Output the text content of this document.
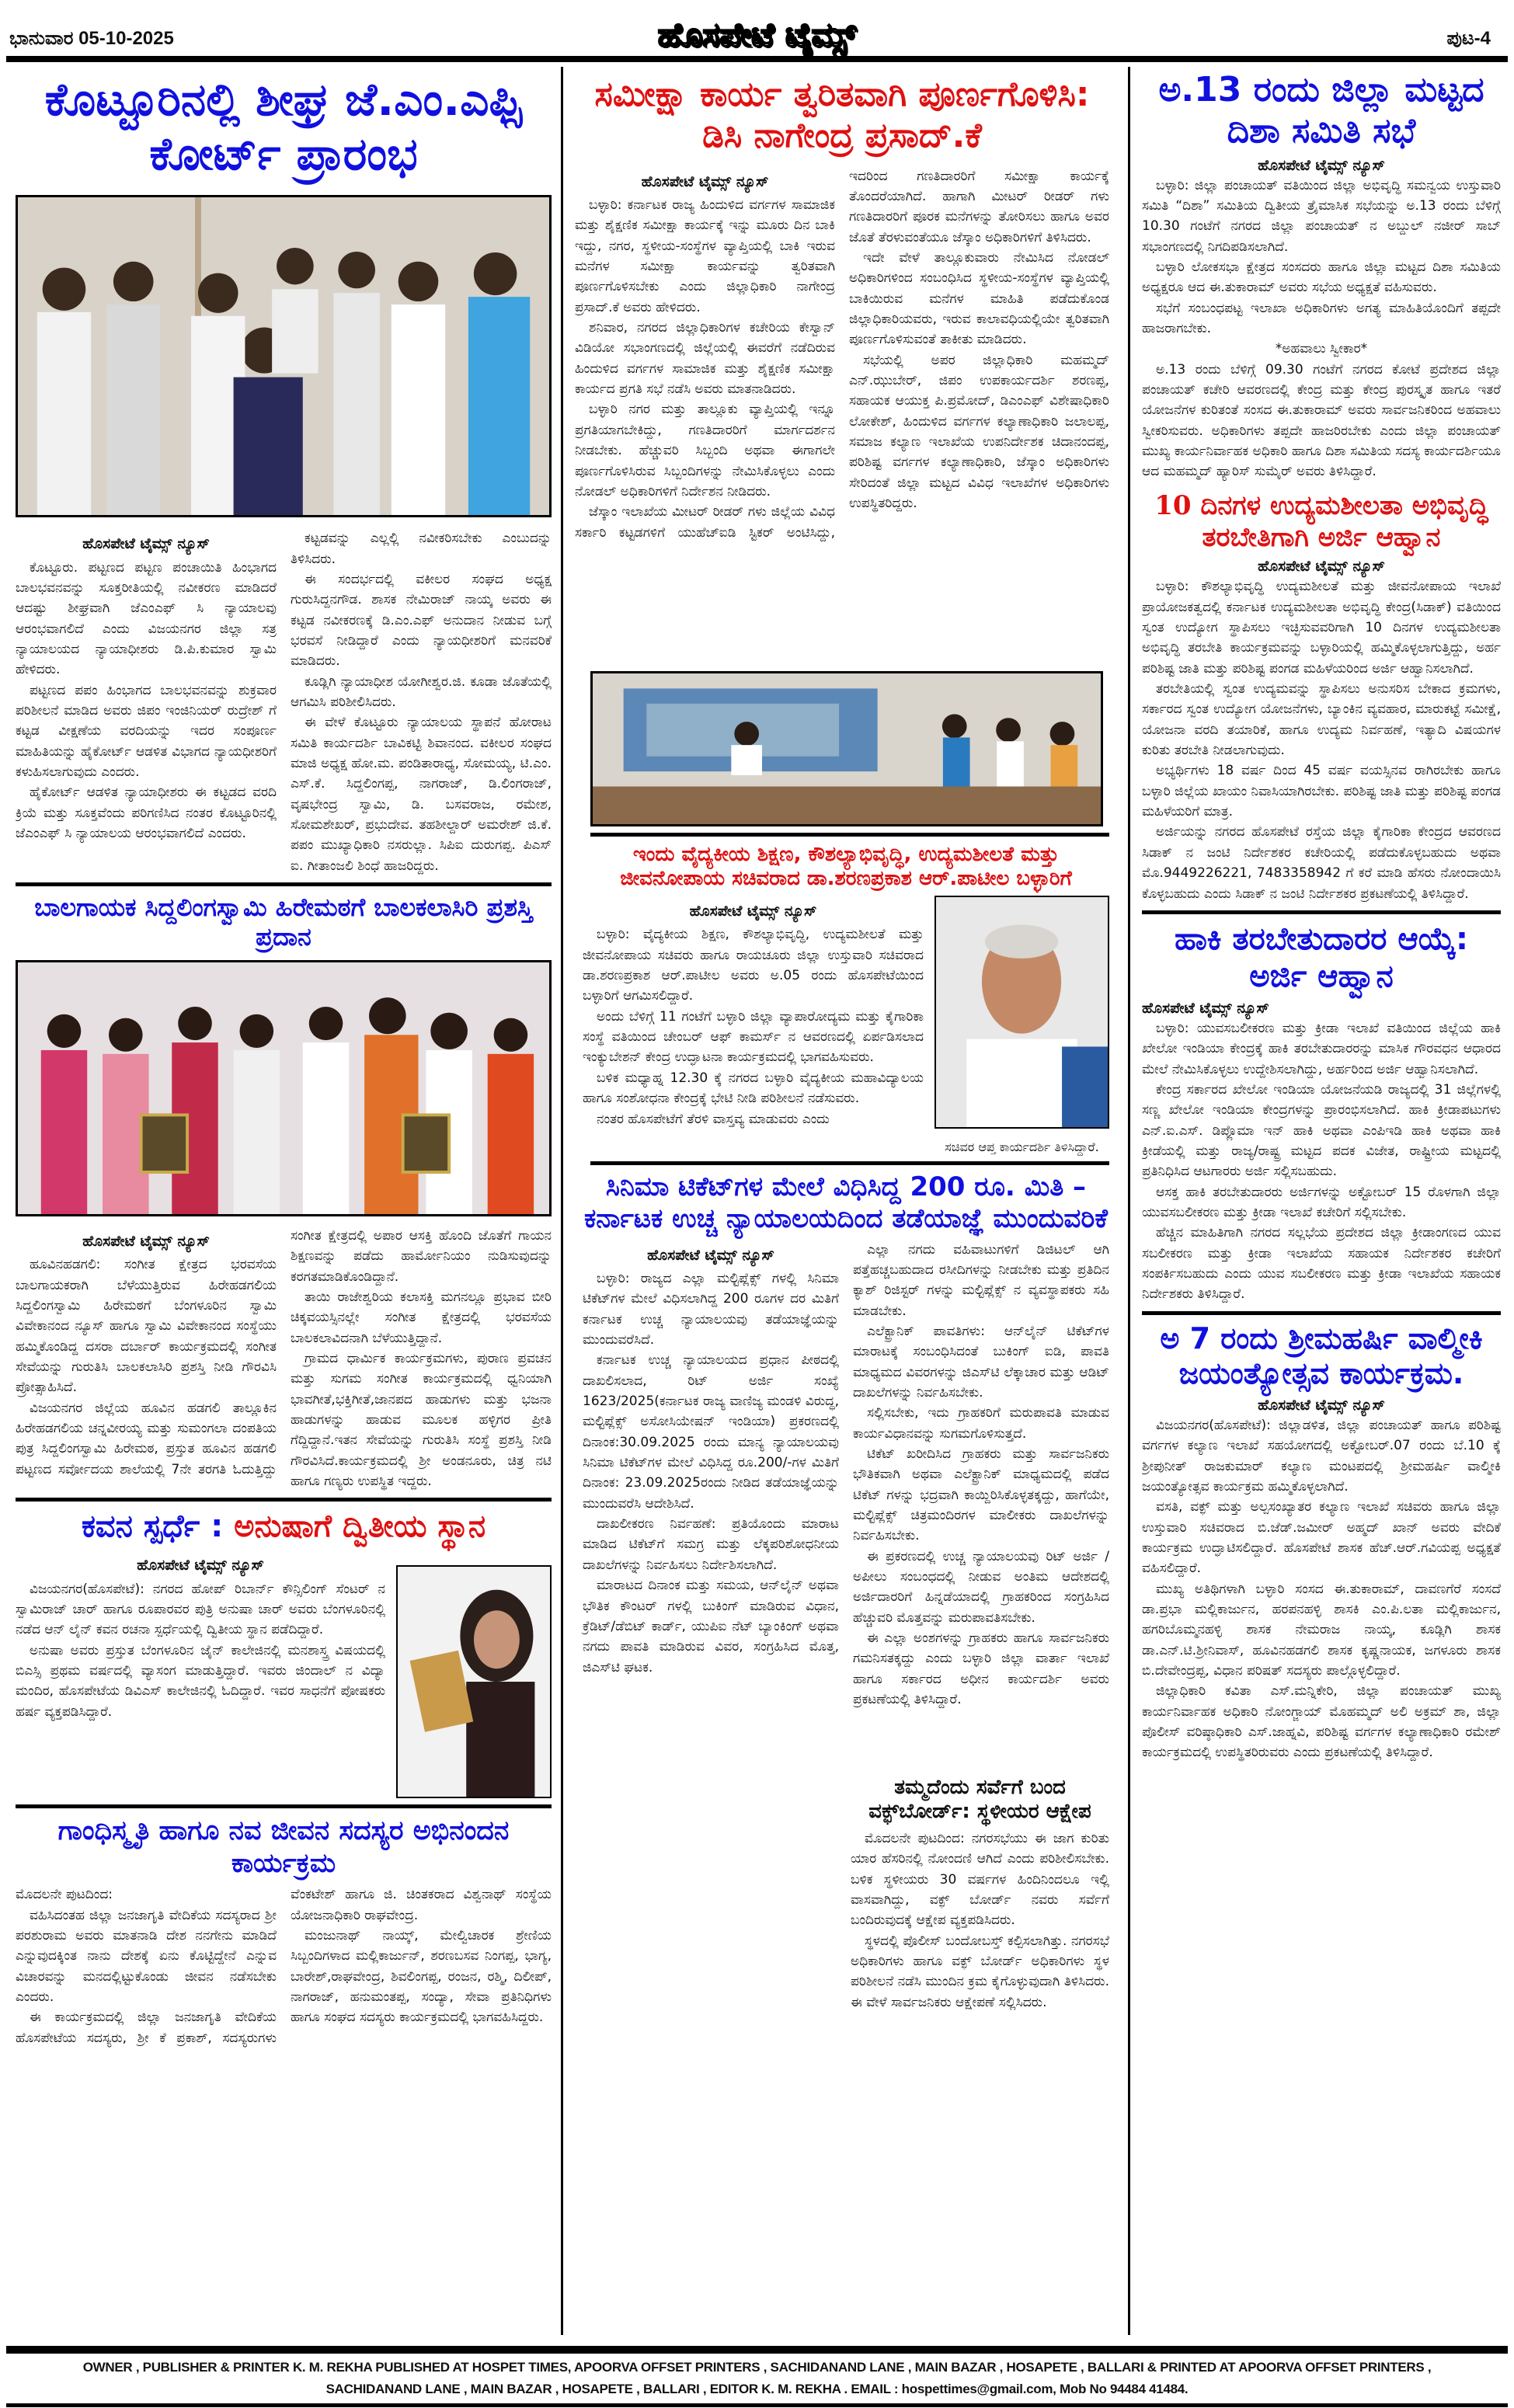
ಭಾನುವಾರ 05-10-2025	ಹೊಸಪೇಟೆ ಟೈಮ್ಸ್	ಪುಟ-4
ಕೊಟ್ಟೂರಿನಲ್ಲಿ ಶೀಘ್ರ ಜೆ.ಎಂ.ಎಫ್ಸಿ ಕೋರ್ಟ್ ಪ್ರಾರಂಭ
ಹೊಸಪೇಟೆ ಟೈಮ್ಸ್ ನ್ಯೂಸ್

ಕೊಟ್ಟೂರು. ಪಟ್ಟಣದ ಪಟ್ಟಣ ಪಂಚಾಯಿತಿ ಹಿಂಭಾಗದ ಬಾಲಭವನವನ್ನು ಸೂಕ್ತರೀತಿಯಲ್ಲಿ ನವೀಕರಣ ಮಾಡಿದರೆ ಆದಷ್ಟು ಶೀಘ್ರವಾಗಿ ಜೆಎಂಎಫ್ ಸಿ ನ್ಯಾಯಾಲವು ಆರಂಭವಾಗಲಿದೆ ಎಂದು ವಿಜಯನಗರ ಜಿಲ್ಲಾ ಸತ್ರ ನ್ಯಾಯಾಲಯದ ನ್ಯಾಯಾಧೀಶರು ಡಿ.ಪಿ.ಕುಮಾರ ಸ್ವಾಮಿ ಹೇಳಿದರು.

ಪಟ್ಟಣದ ಪಪಂ ಹಿಂಭಾಗದ ಬಾಲಭವನವನ್ನು ಶುಕ್ರವಾರ ಪರಿಶೀಲನೆ ಮಾಡಿದ ಅವರು ಜಿಪಂ ಇಂಜಿನಿಯರ್ ರುದ್ರೇಶ್ ಗೆ ಕಟ್ಟಡ ವೀಕ್ಷಣೆಯ ವರದಿಯನ್ನು ಇದರ ಸಂಪೂರ್ಣ ಮಾಹಿತಿಯನ್ನು ಹೈಕೋರ್ಟ್ ಆಡಳಿತ ವಿಭಾಗದ ನ್ಯಾಯಧೀಶರಿಗೆ ಕಳುಹಿಸಲಾಗುವುದು ಎಂದರು.

ಹೈಕೋರ್ಟ್ ಆಡಳಿತ ನ್ಯಾಯಾಧೀಶರು ಈ ಕಟ್ಟಡದ ವರದಿ ಕ್ರಿಯೆ ಮತ್ತು ಸೂಕ್ತವೆಂದು ಪರಿಗಣಿಸಿದ ನಂತರ ಕೊಟ್ಟೂರಿನಲ್ಲಿ ಜೆಎಂಎಫ್ ಸಿ ನ್ಯಾಯಾಲಯ ಆರಂಭವಾಗಲಿದೆ ಎಂದರು.

ಕಟ್ಟಡವನ್ನು ಎಲ್ಲಲ್ಲಿ ನವೀಕರಿಸಬೇಕು ಎಂಬುದನ್ನು ತಿಳಿಸಿದರು.

ಈ ಸಂದರ್ಭದಲ್ಲಿ ವಕೀಲರ ಸಂಘದ ಅಧ್ಯಕ್ಷ ಗುರುಸಿದ್ದನಗೌಡ. ಶಾಸಕ ನೇಮಿರಾಜ್ ನಾಯ್ಕ ಅವರು ಈ ಕಟ್ಟಡ ನವೀಕರಣಕ್ಕೆ ಡಿ.ಎಂ.ಎಫ್ ಅನುದಾನ ನೀಡುವ ಬಗ್ಗೆ ಭರವಸೆ ನೀಡಿದ್ದಾರೆ ಎಂದು ನ್ಯಾಯಧೀಶರಿಗೆ ಮನವರಿಕೆ ಮಾಡಿದರು.

ಕೂಡ್ಲಿಗಿ ನ್ಯಾಯಾಧೀಶ ಯೋಗೀಶ್ವರ.ಜಿ. ಕೂಡಾ ಜೊತೆಯಲ್ಲಿ ಆಗಮಿಸಿ ಪರಿಶೀಲಿಸಿದರು.

ಈ ವೇಳೆ ಕೊಟ್ಟೂರು ನ್ಯಾಯಾಲಯ ಸ್ಥಾಪನೆ ಹೋರಾಟ ಸಮಿತಿ ಕಾರ್ಯದರ್ಶಿ ಬಾವಿಕಟ್ಟಿ ಶಿವಾನಂದ. ವಕೀಲರ ಸಂಘದ ಮಾಜಿ ಅಧ್ಯಕ್ಷ ಹೋ.ಮ. ಪಂಡಿತಾರಾಧ್ಯ, ಸೋಮಯ್ಯ, ಟಿ.ಎಂ. ಎಸ್.ಕೆ. ಸಿದ್ದಲಿಂಗಪ್ಪ, ನಾಗರಾಜ್, ಡಿ.ಲಿಂಗರಾಜ್, ವೃಷಭೇಂದ್ರ ಸ್ವಾಮಿ, ಡಿ. ಬಸವರಾಜ, ರಮೇಶ, ಸೋಮಶೇಖರ್, ಪ್ರಭುದೇವ. ತಹಶೀಲ್ದಾರ್ ಅಮರೇಶ್ ಜಿ.ಕೆ. ಪಪಂ ಮುಖ್ಯಾಧಿಕಾರಿ ನಸರುಲ್ಲಾ. ಸಿಪಿಐ ದುರುಗಪ್ಪ. ಪಿಎಸ್ ಐ. ಗೀತಾಂಜಲಿ ಶಿಂಧೆ ಹಾಜರಿದ್ದರು.

ಬಾಲಗಾಯಕ ಸಿದ್ದಲಿಂಗಸ್ವಾಮಿ ಹಿರೇಮಠಗೆ ಬಾಲಕಲಾಸಿರಿ ಪ್ರಶಸ್ತಿ ಪ್ರದಾನ
ಹೊಸಪೇಟೆ ಟೈಮ್ಸ್ ನ್ಯೂಸ್

ಹೂವಿನಹಡಗಲಿ: ಸಂಗೀತ ಕ್ಷೇತ್ರದ ಭರವಸೆಯ ಬಾಲಗಾಯಕರಾಗಿ ಬೆಳೆಯುತ್ತಿರುವ ಹಿರೇಹಡಗಲಿಯ ಸಿದ್ದಲಿಂಗಸ್ವಾಮಿ ಹಿರೇಮಠಗೆ ಬೆಂಗಳೂರಿನ ಸ್ವಾಮಿ ವಿವೇಕಾನಂದ ನ್ಯೂಸ್ ಹಾಗೂ ಸ್ವಾಮಿ ವಿವೇಕಾನಂದ ಸಂಸ್ಥೆಯು ಹಮ್ಮಿಕೊಂಡಿದ್ದ ದಸರಾ ದರ್ಬಾರ್ ಕಾರ್ಯಕ್ರಮದಲ್ಲಿ ಸಂಗೀತ ಸೇವೆಯನ್ನು ಗುರುತಿಸಿ ಬಾಲಕಲಾಸಿರಿ ಪ್ರಶಸ್ತಿ ನೀಡಿ ಗೌರವಿಸಿ ಪ್ರೋತ್ಸಾಹಿಸಿದೆ.

ವಿಜಯನಗರ ಜಿಲ್ಲೆಯ ಹೂವಿನ ಹಡಗಲಿ ತಾಲ್ಲೂಕಿನ ಹಿರೇಹಡಗಲಿಯ ಚನ್ನವೀರಯ್ಯ ಮತ್ತು ಸುಮಂಗಲಾ ದಂಪತಿಯ ಪುತ್ರ ಸಿದ್ದಲಿಂಗಸ್ವಾಮಿ ಹಿರೇಮಠ, ಪ್ರಸ್ತುತ ಹೂವಿನ ಹಡಗಲಿ ಪಟ್ಟಣದ ಸರ್ವೋದಯ ಶಾಲೆಯಲ್ಲಿ 7ನೇ ತರಗತಿ ಓದುತ್ತಿದ್ದು ಸಂಗೀತ ಕ್ಷೇತ್ರದಲ್ಲಿ ಅಪಾರ ಆಸಕ್ತಿ ಹೊಂದಿ ಜೊತೆಗೆ ಗಾಯನ ಶಿಕ್ಷಣವನ್ನು ಪಡೆದು ಹಾರ್ಮೋನಿಯಂ ನುಡಿಸುವುದನ್ನು ಕರಗತಮಾಡಿಕೊಂಡಿದ್ದಾನೆ.

ತಾಯಿ ರಾಜೇಶ್ವರಿಯ ಕಲಾಸಕ್ತಿ ಮಗನಲ್ಲೂ ಪ್ರಭಾವ ಬೀರಿ ಚಿಕ್ಕವಯಸ್ಸಿನಲ್ಲೇ ಸಂಗೀತ ಕ್ಷೇತ್ರದಲ್ಲಿ ಭರವಸೆಯ ಬಾಲಕಲಾವಿದನಾಗಿ ಬೆಳೆಯುತ್ತಿದ್ದಾನೆ.

ಗ್ರಾಮದ ಧಾರ್ಮಿಕ ಕಾರ್ಯಕ್ರಮಗಳು, ಪುರಾಣ ಪ್ರವಚನ ಮತ್ತು ಸುಗಮ ಸಂಗೀತ ಕಾರ್ಯಕ್ರಮದಲ್ಲಿ ಧ್ವನಿಯಾಗಿ ಭಾವಗೀತೆ,ಭಕ್ತಿಗೀತೆ,ಜಾನಪದ ಹಾಡುಗಳು ಮತ್ತು ಭಜನಾ ಹಾಡುಗಳನ್ನು ಹಾಡುವ ಮೂಲಕ ಹಳ್ಳಿಗರ ಪ್ರೀತಿ ಗೆದ್ದಿದ್ದಾನೆ.ಇತನ ಸೇವೆಯನ್ನು ಗುರುತಿಸಿ ಸಂಸ್ಥೆ ಪ್ರಶಸ್ತಿ ನೀಡಿ ಗೌರವಿಸಿದೆ.ಕಾರ್ಯಕ್ರಮದಲ್ಲಿ ಶ್ರೀ ಅಂಡನೂರು, ಚಿತ್ರ ನಟಿ ಹಾಗೂ ಗಣ್ಯರು ಉಪಸ್ಥಿತ ಇದ್ದರು.

ಕವನ ಸ್ಪರ್ಧೆ : ಅನುಷಾಗೆ ದ್ವಿತೀಯ ಸ್ಥಾನ
ಹೊಸಪೇಟೆ ಟೈಮ್ಸ್ ನ್ಯೂಸ್

ವಿಜಯನಗರ(ಹೊಸಪೇಟೆ): ನಗರದ ಹೋಪ್ ರಿಬಾರ್ನ್ ಕೌನ್ಸಿಲಿಂಗ್ ಸೆಂಟರ್ ನ ಸ್ವಾಮಿರಾಜ್ ಚಾರ್ ಹಾಗೂ ರೂಪಾರವರ ಪುತ್ರಿ ಅನುಷಾ ಚಾರ್ ಅವರು ಬೆಂಗಳೂರಿನಲ್ಲಿ ನಡೆದ ಆನ್ ಲೈನ್ ಕವನ ರಚನಾ ಸ್ಪರ್ಧೆಯಲ್ಲಿ ದ್ವಿತೀಯ ಸ್ಥಾನ ಪಡೆದಿದ್ದಾರೆ.

ಅನುಷಾ ಅವರು ಪ್ರಸ್ತುತ ಬೆಂಗಳೂರಿನ ಜೈನ್ ಕಾಲೇಜಿನಲ್ಲಿ ಮನಶಾಸ್ತ್ರ ವಿಷಯದಲ್ಲಿ ಬಿಎಸ್ಸಿ ಪ್ರಥಮ ವರ್ಷದಲ್ಲಿ ವ್ಯಾಸಂಗ ಮಾಡುತ್ತಿದ್ದಾರೆ. ಇವರು ಜಿಂದಾಲ್ ನ ವಿದ್ಯಾ ಮಂದಿರ, ಹೊಸಪೇಟೆಯ ಡಿವಿಎಸ್ ಕಾಲೇಜಿನಲ್ಲಿ ಓದಿದ್ದಾರೆ. ಇವರ ಸಾಧನೆಗೆ ಪೋಷಕರು ಹರ್ಷ ವ್ಯಕ್ತಪಡಿಸಿದ್ದಾರೆ.

ಗಾಂಧಿಸ್ಮೃತಿ ಹಾಗೂ ನವ ಜೀವನ ಸದಸ್ಯರ ಅಭಿನಂದನ ಕಾರ್ಯಕ್ರಮ
ಮೊದಲನೇ ಪುಟದಿಂದ:

ವಹಿಸಿದಂತಹ ಜಿಲ್ಲಾ ಜನಜಾಗೃತಿ ವೇದಿಕೆಯ ಸದಸ್ಯರಾದ ಶ್ರೀ ಪರಶುರಾಮ ಅವರು ಮಾತನಾಡಿ ದೇಶ ನನಗೇನು ಮಾಡಿದೆ ಎನ್ನುವುದಕ್ಕಿಂತ ನಾನು ದೇಶಕ್ಕೆ ಏನು ಕೊಟ್ಟಿದ್ದೇನೆ ಎನ್ನುವ ವಿಚಾರವನ್ನು ಮನದಲ್ಲಿಟ್ಟುಕೊಂಡು ಜೀವನ ನಡೆಸಬೇಕು ಎಂದರು.

ಈ ಕಾರ್ಯಕ್ರಮದಲ್ಲಿ ಜಿಲ್ಲಾ ಜನಜಾಗೃತಿ ವೇದಿಕೆಯ ಹೊಸಪೇಟೆಯ ಸದಸ್ಯರು, ಶ್ರೀ ಕೆ ಪ್ರಕಾಶ್, ಸದಸ್ಯರುಗಳು ವೆಂಕಟೇಶ್ ಹಾಗೂ ಜಿ. ಚಿಂತಕರಾದ ವಿಶ್ವನಾಥ್ ಸಂಸ್ಥೆಯ ಯೋಜನಾಧಿಕಾರಿ ರಾಘವೇಂದ್ರ.

ಮಂಜುನಾಥ್ ನಾಯ್ಕ್, ಮೇಲ್ವಿಚಾರಕ ಶ್ರೇಣಿಯ ಸಿಬ್ಬಂದಿಗಳಾದ ಮಲ್ಲಿಕಾರ್ಜುನ್, ಶರಣಬಸವ ನಿಂಗಪ್ಪ, ಭಾಗ್ಯ, ಬಾರೇಶ್,ರಾಘವೇಂದ್ರ, ಶಿವಲಿಂಗಪ್ಪ, ರಂಜನ, ರಶ್ಮಿ, ದಿಲೀಪ್, ನಾಗರಾಜ್, ಹನುಮಂತಪ್ಪ, ಸಂದ್ಯಾ, ಸೇವಾ ಪ್ರತಿನಿಧಿಗಳು ಹಾಗೂ ಸಂಘದ ಸದಸ್ಯರು ಕಾರ್ಯಕ್ರಮದಲ್ಲಿ ಭಾಗವಹಿಸಿದ್ದರು.

ಸಮೀಕ್ಷಾ ಕಾರ್ಯ ತ್ವರಿತವಾಗಿ ಪೂರ್ಣಗೊಳಿಸಿ: ಡಿಸಿ ನಾಗೇಂದ್ರ ಪ್ರಸಾದ್.ಕೆ
ಹೊಸಪೇಟೆ ಟೈಮ್ಸ್ ನ್ಯೂಸ್

ಬಳ್ಳಾರಿ: ಕರ್ನಾಟಕ ರಾಜ್ಯ ಹಿಂದುಳಿದ ವರ್ಗಗಳ ಸಾಮಾಜಿಕ ಮತ್ತು ಶೈಕ್ಷಣಿಕ ಸಮೀಕ್ಷಾ ಕಾರ್ಯಕ್ಕೆ ಇನ್ನು ಮೂರು ದಿನ ಬಾಕಿ ಇದ್ದು, ನಗರ, ಸ್ಥಳೀಯ-ಸಂಸ್ಥೆಗಳ ವ್ಯಾಪ್ತಿಯಲ್ಲಿ ಬಾಕಿ ಇರುವ ಮನೆಗಳ ಸಮೀಕ್ಷಾ ಕಾರ್ಯವನ್ನು ತ್ವರಿತವಾಗಿ ಪೂರ್ಣಗೊಳಿಸಬೇಕು ಎಂದು ಜಿಲ್ಲಾಧಿಕಾರಿ ನಾಗೇಂದ್ರ ಪ್ರಸಾದ್.ಕೆ ಅವರು ಹೇಳಿದರು.

ಶನಿವಾರ, ನಗರದ ಜಿಲ್ಲಾಧಿಕಾರಿಗಳ ಕಚೇರಿಯ ಕೇಸ್ವಾನ್ ವಿಡಿಯೋ ಸಭಾಂಗಣದಲ್ಲಿ ಜಿಲ್ಲೆಯಲ್ಲಿ ಈವರೆಗೆ ನಡೆದಿರುವ ಹಿಂದುಳಿದ ವರ್ಗಗಳ ಸಾಮಾಜಿಕ ಮತ್ತು ಶೈಕ್ಷಣಿಕ ಸಮೀಕ್ಷಾ ಕಾರ್ಯದ ಪ್ರಗತಿ ಸಭೆ ನಡೆಸಿ ಅವರು ಮಾತನಾಡಿದರು.

ಬಳ್ಳಾರಿ ನಗರ ಮತ್ತು ತಾಲ್ಲೂಕು ವ್ಯಾಪ್ತಿಯಲ್ಲಿ ಇನ್ನೂ ಪ್ರಗತಿಯಾಗಬೇಕಿದ್ದು, ಗಣತಿದಾರರಿಗೆ ಮಾರ್ಗದರ್ಶನ ನೀಡಬೇಕು. ಹೆಚ್ಚುವರಿ ಸಿಬ್ಬಂದಿ ಅಥವಾ ಈಗಾಗಲೇ ಪೂರ್ಣಗೊಳಿಸಿರುವ ಸಿಬ್ಬಂದಿಗಳನ್ನು ನೇಮಿಸಿಕೊಳ್ಳಲು ಎಂದು ನೋಡಲ್ ಅಧಿಕಾರಿಗಳಿಗೆ ನಿರ್ದೇಶನ ನೀಡಿದರು.

ಜೆಸ್ಕಾಂ ಇಲಾಖೆಯ ಮೀಟರ್ ರೀಡರ್ ಗಳು ಜಿಲ್ಲೆಯ ವಿವಿಧ ಸರ್ಕಾರಿ ಕಟ್ಟಡಗಳಿಗೆ ಯುಹೆಚ್ಐಡಿ ಸ್ಟಿಕರ್ ಅಂಟಿಸಿದ್ದು, ಇದರಿಂದ ಗಣತಿದಾರರಿಗೆ ಸಮೀಕ್ಷಾ ಕಾರ್ಯಕ್ಕೆ ತೊಂದರೆಯಾಗಿದೆ. ಹಾಗಾಗಿ ಮೀಟರ್ ರೀಡರ್ ಗಳು ಗಣತಿದಾರರಿಗೆ ಪೂರಕ ಮನೆಗಳನ್ನು ತೋರಿಸಲು ಹಾಗೂ ಅವರ ಜೊತೆ ತೆರಳುವಂತೆಯೂ ಜೆಸ್ಕಾಂ ಅಧಿಕಾರಿಗಳಿಗೆ ತಿಳಿಸಿದರು.

ಇದೇ ವೇಳೆ ತಾಲ್ಲೂಕುವಾರು ನೇಮಿಸಿದ ನೋಡಲ್ ಅಧಿಕಾರಿಗಳಿಂದ ಸಂಬಂಧಿಸಿದ ಸ್ಥಳೀಯ-ಸಂಸ್ಥೆಗಳ ವ್ಯಾಪ್ತಿಯಲ್ಲಿ ಬಾಕಿಯಿರುವ ಮನೆಗಳ ಮಾಹಿತಿ ಪಡೆದುಕೊಂಡ ಜಿಲ್ಲಾಧಿಕಾರಿಯವರು, ಇರುವ ಕಾಲಾವಧಿಯಲ್ಲಿಯೇ ತ್ವರಿತವಾಗಿ ಪೂರ್ಣಗೊಳಿಸುವಂತೆ ತಾಕೀತು ಮಾಡಿದರು.

ಸಭೆಯಲ್ಲಿ ಅಪರ ಜಿಲ್ಲಾಧಿಕಾರಿ ಮಹಮ್ಮದ್ ಎನ್.ಝುಬೇರ್, ಜಿಪಂ ಉಪಕಾರ್ಯದರ್ಶಿ ಶರಣಪ್ಪ, ಸಹಾಯಕ ಆಯುಕ್ತ ಪಿ.ಪ್ರಮೋದ್, ಡಿಎಂಎಫ್ ವಿಶೇಷಾಧಿಕಾರಿ ಲೋಕೇಶ್, ಹಿಂದುಳಿದ ವರ್ಗಗಳ ಕಲ್ಯಾಣಾಧಿಕಾರಿ ಜಲಾಲಪ್ಪ, ಸಮಾಜ ಕಲ್ಯಾಣ ಇಲಾಖೆಯ ಉಪನಿರ್ದೇಶಕ ಚಿದಾನಂದಪ್ಪ, ಪರಿಶಿಷ್ಟ ವರ್ಗಗಳ ಕಲ್ಯಾಣಾಧಿಕಾರಿ, ಜೆಸ್ಕಾಂ ಅಧಿಕಾರಿಗಳು ಸೇರಿದಂತೆ ಜಿಲ್ಲಾ ಮಟ್ಟದ ವಿವಿಧ ಇಲಾಖೆಗಳ ಅಧಿಕಾರಿಗಳು ಉಪಸ್ಥಿತರಿದ್ದರು.

ಇಂದು ವೈದ್ಯಕೀಯ ಶಿಕ್ಷಣ, ಕೌಶಲ್ಯಾಭಿವೃದ್ಧಿ, ಉದ್ಯಮಶೀಲತೆ ಮತ್ತು ಜೀವನೋಪಾಯ ಸಚಿವರಾದ ಡಾ.ಶರಣಪ್ರಕಾಶ ಆರ್.ಪಾಟೀಲ ಬಳ್ಳಾರಿಗೆ
ಹೊಸಪೇಟೆ ಟೈಮ್ಸ್ ನ್ಯೂಸ್

ಬಳ್ಳಾರಿ: ವೈದ್ಯಕೀಯ ಶಿಕ್ಷಣ, ಕೌಶಲ್ಯಾಭಿವೃದ್ಧಿ, ಉದ್ಯಮಶೀಲತೆ ಮತ್ತು ಜೀವನೋಪಾಯ ಸಚಿವರು ಹಾಗೂ ರಾಯಚೂರು ಜಿಲ್ಲಾ ಉಸ್ತುವಾರಿ ಸಚಿವರಾದ ಡಾ.ಶರಣಪ್ರಕಾಶ ಆರ್.ಪಾಟೀಲ ಅವರು ಅ.05 ರಂದು ಹೊಸಪೇಟೆಯಿಂದ ಬಳ್ಳಾರಿಗೆ ಆಗಮಿಸಲಿದ್ದಾರೆ.

ಅಂದು ಬೆಳಿಗ್ಗೆ 11 ಗಂಟೆಗೆ ಬಳ್ಳಾರಿ ಜಿಲ್ಲಾ ವ್ಯಾಪಾರೋದ್ಯಮ ಮತ್ತು ಕೈಗಾರಿಕಾ ಸಂಸ್ಥೆ ವತಿಯಿಂದ ಚೇಂಬರ್ ಆಫ್ ಕಾಮರ್ಸ್ ನ ಆವರಣದಲ್ಲಿ ಏರ್ಪಡಿಸಲಾದ ಇಂಕ್ಯುಬೇಶನ್ ಕೇಂದ್ರ ಉದ್ಘಾಟನಾ ಕಾರ್ಯಕ್ರಮದಲ್ಲಿ ಭಾಗವಹಿಸುವರು.

ಬಳಿಕ ಮಧ್ಯಾಹ್ನ 12.30 ಕ್ಕೆ ನಗರದ ಬಳ್ಳಾರಿ ವೈದ್ಯಕೀಯ ಮಹಾವಿದ್ಯಾಲಯ ಹಾಗೂ ಸಂಶೋಧನಾ ಕೇಂದ್ರಕ್ಕೆ ಭೇಟಿ ನೀಡಿ ಪರಿಶೀಲನೆ ನಡೆಸುವರು.

ನಂತರ ಹೊಸಪೇಟೆಗೆ ತೆರಳಿ ವಾಸ್ತವ್ಯ ಮಾಡುವರು ಎಂದು

ಸಚಿವರ ಆಪ್ತ ಕಾರ್ಯದರ್ಶಿ ತಿಳಿಸಿದ್ದಾರೆ.
ಸಿನಿಮಾ ಟಿಕೆಟ್‌ಗಳ ಮೇಲೆ ವಿಧಿಸಿದ್ದ 200 ರೂ. ಮಿತಿ – ಕರ್ನಾಟಕ ಉಚ್ಚ ನ್ಯಾಯಾಲಯದಿಂದ ತಡೆಯಾಜ್ಞೆ ಮುಂದುವರಿಕೆ
ಹೊಸಪೇಟೆ ಟೈಮ್ಸ್ ನ್ಯೂಸ್

ಬಳ್ಳಾರಿ: ರಾಜ್ಯದ ಎಲ್ಲಾ ಮಲ್ಟಿಪ್ಲೆಕ್ಸ್ ಗಳಲ್ಲಿ ಸಿನಿಮಾ ಟಿಕೆಟ್‌ಗಳ ಮೇಲೆ ವಿಧಿಸಲಾಗಿದ್ದ 200 ರೂಗಳ ದರ ಮಿತಿಗೆ ಕರ್ನಾಟಕ ಉಚ್ಚ ನ್ಯಾಯಾಲಯವು ತಡೆಯಾಜ್ಞೆಯನ್ನು ಮುಂದುವರೆಸಿದೆ.

ಕರ್ನಾಟಕ ಉಚ್ಚ ನ್ಯಾಯಾಲಯದ ಪ್ರಧಾನ ಪೀಠದಲ್ಲಿ ದಾಖಲಿಸಲಾದ, ರಿಟ್ ಅರ್ಜಿ ಸಂಖ್ಯೆ 1623/2025(ಕರ್ನಾಟಕ ರಾಜ್ಯ ವಾಣಿಜ್ಯ ಮಂಡಳಿ ವಿರುದ್ಧ, ಮಲ್ಟಿಪ್ಲೆಕ್ಸ್ ಅಸೋಸಿಯೇಷನ್ ಇಂಡಿಯಾ) ಪ್ರಕರಣದಲ್ಲಿ ದಿನಾಂಕ:30.09.2025 ರಂದು ಮಾನ್ಯ ನ್ಯಾಯಾಲಯವು ಸಿನಿಮಾ ಟಿಕೆಟ್‌ಗಳ ಮೇಲೆ ವಿಧಿಸಿದ್ದ ರೂ.200/-ಗಳ ಮಿತಿಗೆ ದಿನಾಂಕ: 23.09.2025ರಂದು ನೀಡಿದ ತಡೆಯಾಜ್ಞೆಯನ್ನು ಮುಂದುವರೆಸಿ ಆದೇಶಿಸಿದೆ.

ದಾಖಲೀಕರಣ ನಿರ್ವಹಣೆ: ಪ್ರತಿಯೊಂದು ಮಾರಾಟ ಮಾಡಿದ ಟಿಕೆಟ್‌ಗೆ ಸಮಗ್ರ ಮತ್ತು ಲೆಕ್ಕಪರಿಶೋಧನೀಯ ದಾಖಲೆಗಳನ್ನು ನಿರ್ವಹಿಸಲು ನಿರ್ದೇಶಿಸಲಾಗಿದೆ.

ಮಾರಾಟದ ದಿನಾಂಕ ಮತ್ತು ಸಮಯ, ಆನ್‌ಲೈನ್ ಅಥವಾ ಭೌತಿಕ ಕೌಂಟರ್ ಗಳಲ್ಲಿ ಬುಕಿಂಗ್ ಮಾಡಿರುವ ವಿಧಾನ, ಕ್ರೆಡಿಟ್/ಡೆಬಿಟ್ ಕಾರ್ಡ್, ಯುಪಿಐ ನೆಟ್ ಬ್ಯಾಂಕಿಂಗ್ ಅಥವಾ ನಗದು ಪಾವತಿ ಮಾಡಿರುವ ವಿವರ, ಸಂಗ್ರಹಿಸಿದ ಮೊತ್ತ, ಜಿಎಸ್‌ಟಿ ಘಟಕ.

ಎಲ್ಲಾ ನಗದು ವಹಿವಾಟುಗಳಿಗೆ ಡಿಜಿಟಲ್ ಆಗಿ ಪತ್ತೆಹಚ್ಚಬಹುದಾದ ರಸೀದಿಗಳನ್ನು ನೀಡಬೇಕು ಮತ್ತು ಪ್ರತಿದಿನ ಕ್ಯಾಶ್ ರಿಜಿಸ್ಟರ್ ಗಳನ್ನು ಮಲ್ಟಿಪ್ಲೆಕ್ಸ್ ನ ವ್ಯವಸ್ಥಾಪಕರು ಸಹಿ ಮಾಡಬೇಕು.

ಎಲೆಕ್ಟ್ರಾನಿಕ್ ಪಾವತಿಗಳು: ಆನ್‌ಲೈನ್ ಟಿಕೆಟ್‌ಗಳ ಮಾರಾಟಕ್ಕೆ ಸಂಬಂಧಿಸಿದಂತೆ ಬುಕಿಂಗ್ ಐಡಿ, ಪಾವತಿ ಮಾಧ್ಯಮದ ವಿವರಗಳನ್ನು ಜಿಎಸ್‌ಟಿ ಲೆಕ್ಕಾಚಾರ ಮತ್ತು ಆಡಿಟ್ ದಾಖಲೆಗಳನ್ನು ನಿರ್ವಹಿಸಬೇಕು.

ಸಲ್ಲಿಸಬೇಕು, ಇದು ಗ್ರಾಹಕರಿಗೆ ಮರುಪಾವತಿ ಮಾಡುವ ಕಾರ್ಯವಿಧಾನವನ್ನು ಸುಗಮಗೊಳಿಸುತ್ತದೆ.

ಟಿಕೆಟ್ ಖರೀದಿಸಿದ ಗ್ರಾಹಕರು ಮತ್ತು ಸಾರ್ವಜನಿಕರು ಭೌತಿಕವಾಗಿ ಅಥವಾ ಎಲೆಕ್ಟ್ರಾನಿಕ್ ಮಾಧ್ಯಮದಲ್ಲಿ ಪಡೆದ ಟಿಕೆಟ್ ಗಳನ್ನು ಭದ್ರವಾಗಿ ಕಾಯ್ದಿರಿಸಿಕೊಳ್ಳತಕ್ಕದ್ದು, ಹಾಗೆಯೇ, ಮಲ್ಟಿಪ್ಲೆಕ್ಸ್ ಚಿತ್ರಮಂದಿರಗಳ ಮಾಲೀಕರು ದಾಖಲೆಗಳನ್ನು ನಿರ್ವಹಿಸಬೇಕು.

ಈ ಪ್ರಕರಣದಲ್ಲಿ ಉಚ್ಚ ನ್ಯಾಯಾಲಯವು ರಿಟ್ ಅರ್ಜಿ / ಅಪೀಲು ಸಂಬಂಧದಲ್ಲಿ ನೀಡುವ ಅಂತಿಮ ಆದೇಶದಲ್ಲಿ ಅರ್ಜಿದಾರರಿಗೆ ಹಿನ್ನಡೆಯಾದಲ್ಲಿ ಗ್ರಾಹಕರಿಂದ ಸಂಗ್ರಹಿಸಿದ ಹೆಚ್ಚುವರಿ ಮೊತ್ತವನ್ನು ಮರುಪಾವತಿಸಬೇಕು.

ಈ ಎಲ್ಲಾ ಅಂಶಗಳನ್ನು ಗ್ರಾಹಕರು ಹಾಗೂ ಸಾರ್ವಜನಿಕರು ಗಮನಿಸತಕ್ಕದ್ದು ಎಂದು ಬಳ್ಳಾರಿ ಜಿಲ್ಲಾ ವಾರ್ತಾ ಇಲಾಖೆ ಹಾಗೂ ಸರ್ಕಾರದ ಅಧೀನ ಕಾರ್ಯದರ್ಶಿ ಅವರು ಪ್ರಕಟಣೆಯಲ್ಲಿ ತಿಳಿಸಿದ್ದಾರೆ.

ತಮ್ಮದೆಂದು ಸರ್ವೆಗೆ ಬಂದ ವಕ್ಫ್‌ಬೋರ್ಡ್: ಸ್ಥಳೀಯರ ಆಕ್ಷೇಪ

ಮೊದಲನೇ ಪುಟದಿಂದ: ನಗರಸಭೆಯು ಈ ಜಾಗ ಕುರಿತು ಯಾರ ಹೆಸರಿನಲ್ಲಿ ನೋಂದಣಿ ಆಗಿದೆ ಎಂದು ಪರಿಶೀಲಿಸಬೇಕು. ಬಳಿಕ ಸ್ಥಳೀಯರು 30 ವರ್ಷಗಳ ಹಿಂದಿನಿಂದಲೂ ಇಲ್ಲಿ ವಾಸವಾಗಿದ್ದು, ವಕ್ಫ್ ಬೋರ್ಡ್ ನವರು ಸರ್ವೆಗೆ ಬಂದಿರುವುದಕ್ಕೆ ಆಕ್ಷೇಪ ವ್ಯಕ್ತಪಡಿಸಿದರು.

ಸ್ಥಳದಲ್ಲಿ ಪೊಲೀಸ್ ಬಂದೋಬಸ್ತ್ ಕಲ್ಪಿಸಲಾಗಿತ್ತು. ನಗರಸಭೆ ಅಧಿಕಾರಿಗಳು ಹಾಗೂ ವಕ್ಫ್ ಬೋರ್ಡ್ ಅಧಿಕಾರಿಗಳು ಸ್ಥಳ ಪರಿಶೀಲನೆ ನಡೆಸಿ ಮುಂದಿನ ಕ್ರಮ ಕೈಗೊಳ್ಳುವುದಾಗಿ ತಿಳಿಸಿದರು. ಈ ವೇಳೆ ಸಾರ್ವಜನಿಕರು ಆಕ್ಷೇಪಣೆ ಸಲ್ಲಿಸಿದರು.

ಅ.13 ರಂದು ಜಿಲ್ಲಾ ಮಟ್ಟದ ದಿಶಾ ಸಮಿತಿ ಸಭೆ
ಹೊಸಪೇಟೆ ಟೈಮ್ಸ್ ನ್ಯೂಸ್

ಬಳ್ಳಾರಿ: ಜಿಲ್ಲಾ ಪಂಚಾಯತ್ ವತಿಯಿಂದ ಜಿಲ್ಲಾ ಅಭಿವೃದ್ಧಿ ಸಮನ್ವಯ ಉಸ್ತುವಾರಿ ಸಮಿತಿ “ದಿಶಾ” ಸಮಿತಿಯ ದ್ವಿತೀಯ ತ್ರೈಮಾಸಿಕ ಸಭೆಯನ್ನು ಅ.13 ರಂದು ಬೆಳಿಗ್ಗೆ 10.30 ಗಂಟೆಗೆ ನಗರದ ಜಿಲ್ಲಾ ಪಂಚಾಯತ್ ನ ಅಬ್ದುಲ್ ನಜೀರ್ ಸಾಬ್ ಸಭಾಂಗಣದಲ್ಲಿ ನಿಗದಿಪಡಿಸಲಾಗಿದೆ.

ಬಳ್ಳಾರಿ ಲೋಕಸಭಾ ಕ್ಷೇತ್ರದ ಸಂಸದರು ಹಾಗೂ ಜಿಲ್ಲಾ ಮಟ್ಟದ ದಿಶಾ ಸಮಿತಿಯ ಅಧ್ಯಕ್ಷರೂ ಆದ ಈ.ತುಕಾರಾಮ್ ಅವರು ಸಭೆಯ ಅಧ್ಯಕ್ಷತೆ ವಹಿಸುವರು.

ಸಭೆಗೆ ಸಂಬಂಧಪಟ್ಟ ಇಲಾಖಾ ಅಧಿಕಾರಿಗಳು ಅಗತ್ಯ ಮಾಹಿತಿಯೊಂದಿಗೆ ತಪ್ಪದೇ ಹಾಜರಾಗಬೇಕು.

*ಅಹವಾಲು ಸ್ವೀಕಾರ*

ಅ.13 ರಂದು ಬೆಳಿಗ್ಗೆ 09.30 ಗಂಟೆಗೆ ನಗರದ ಕೋಟೆ ಪ್ರದೇಶದ ಜಿಲ್ಲಾ ಪಂಚಾಯತ್ ಕಚೇರಿ ಆವರಣದಲ್ಲಿ ಕೇಂದ್ರ ಮತ್ತು ಕೇಂದ್ರ ಪುರಸ್ಕೃತ ಹಾಗೂ ಇತರೆ ಯೋಜನೆಗಳ ಕುರಿತಂತೆ ಸಂಸದ ಈ.ತುಕಾರಾಮ್ ಅವರು ಸಾರ್ವಜನಿಕರಿಂದ ಅಹವಾಲು ಸ್ವೀಕರಿಸುವರು. ಅಧಿಕಾರಿಗಳು ತಪ್ಪದೇ ಹಾಜರಿರಬೇಕು ಎಂದು ಜಿಲ್ಲಾ ಪಂಚಾಯತ್ ಮುಖ್ಯ ಕಾರ್ಯನಿರ್ವಾಹಕ ಅಧಿಕಾರಿ ಹಾಗೂ ದಿಶಾ ಸಮಿತಿಯ ಸದಸ್ಯ ಕಾರ್ಯದರ್ಶಿಯೂ ಆದ ಮಹಮ್ಮದ್ ಹ್ಯಾರಿಸ್ ಸುಮೈರ್ ಅವರು ತಿಳಿಸಿದ್ದಾರೆ.

10 ದಿನಗಳ ಉದ್ಯಮಶೀಲತಾ ಅಭಿವೃದ್ಧಿ ತರಬೇತಿಗಾಗಿ ಅರ್ಜಿ ಆಹ್ವಾನ
ಹೊಸಪೇಟೆ ಟೈಮ್ಸ್ ನ್ಯೂಸ್

ಬಳ್ಳಾರಿ: ಕೌಶಲ್ಯಾಭಿವೃದ್ಧಿ ಉದ್ಯಮಶೀಲತೆ ಮತ್ತು ಜೀವನೋಪಾಯ ಇಲಾಖೆ ಪ್ರಾಯೋಜಕತ್ವದಲ್ಲಿ ಕರ್ನಾಟಕ ಉದ್ಯಮಶೀಲತಾ ಅಭಿವೃದ್ಧಿ ಕೇಂದ್ರ(ಸಿಡಾಕ್) ವತಿಯಿಂದ ಸ್ವಂತ ಉದ್ಯೋಗ ಸ್ಥಾಪಿಸಲು ಇಚ್ಛಿಸುವವರಿಗಾಗಿ 10 ದಿನಗಳ ಉದ್ಯಮಶೀಲತಾ ಅಭಿವೃದ್ಧಿ ತರಬೇತಿ ಕಾರ್ಯಕ್ರಮವನ್ನು ಬಳ್ಳಾರಿಯಲ್ಲಿ ಹಮ್ಮಿಕೊಳ್ಳಲಾಗುತ್ತಿದ್ದು, ಅರ್ಹ ಪರಿಶಿಷ್ಟ ಜಾತಿ ಮತ್ತು ಪರಿಶಿಷ್ಟ ಪಂಗಡ ಮಹಿಳೆಯರಿಂದ ಅರ್ಜಿ ಆಹ್ವಾನಿಸಲಾಗಿದೆ.

ತರಬೇತಿಯಲ್ಲಿ ಸ್ವಂತ ಉದ್ಯಮವನ್ನು ಸ್ಥಾಪಿಸಲು ಅನುಸರಿಸ ಬೇಕಾದ ಕ್ರಮಗಳು, ಸರ್ಕಾರದ ಸ್ವಂತ ಉದ್ಯೋಗ ಯೋಜನೆಗಳು, ಬ್ಯಾಂಕಿನ ವ್ಯವಹಾರ, ಮಾರುಕಟ್ಟೆ ಸಮೀಕ್ಷೆ, ಯೋಜನಾ ವರದಿ ತಯಾರಿಕೆ, ಹಾಗೂ ಉದ್ಯಮ ನಿರ್ವಹಣೆ, ಇತ್ಯಾದಿ ವಿಷಯಗಳ ಕುರಿತು ತರಬೇತಿ ನೀಡಲಾಗುವುದು.

ಅಭ್ಯರ್ಥಿಗಳು 18 ವರ್ಷ ದಿಂದ 45 ವರ್ಷ ವಯಸ್ಸಿನವ ರಾಗಿರಬೇಕು ಹಾಗೂ ಬಳ್ಳಾರಿ ಜಿಲ್ಲೆಯ ಖಾಯಂ ನಿವಾಸಿಯಾಗಿರಬೇಕು. ಪರಿಶಿಷ್ಟ ಜಾತಿ ಮತ್ತು ಪರಿಶಿಷ್ಟ ಪಂಗಡ ಮಹಿಳೆಯರಿಗೆ ಮಾತ್ರ.

ಅರ್ಜಿಯನ್ನು ನಗರದ ಹೊಸಪೇಟೆ ರಸ್ತೆಯ ಜಿಲ್ಲಾ ಕೈಗಾರಿಕಾ ಕೇಂದ್ರದ ಆವರಣದ ಸಿಡಾಕ್ ನ ಜಂಟಿ ನಿರ್ದೇಶಕರ ಕಚೇರಿಯಲ್ಲಿ ಪಡೆದುಕೊಳ್ಳಬಹುದು ಅಥವಾ ಮೊ.9449226221, 7483358942 ಗೆ ಕರೆ ಮಾಡಿ ಹೆಸರು ನೋಂದಾಯಿಸಿ ಕೊಳ್ಳಬಹುದು ಎಂದು ಸಿಡಾಕ್ ನ ಜಂಟಿ ನಿರ್ದೇಶಕರ ಪ್ರಕಟಣೆಯಲ್ಲಿ ತಿಳಿಸಿದ್ದಾರೆ.

ಹಾಕಿ ತರಬೇತುದಾರರ ಆಯ್ಕೆ: ಅರ್ಜಿ ಆಹ್ವಾನ
ಹೊಸಪೇಟೆ ಟೈಮ್ಸ್ ನ್ಯೂಸ್

ಬಳ್ಳಾರಿ: ಯುವಸಬಲೀಕರಣ ಮತ್ತು ಕ್ರೀಡಾ ಇಲಾಖೆ ವತಿಯಿಂದ ಜಿಲ್ಲೆಯ ಹಾಕಿ ಖೇಲೋ ಇಂಡಿಯಾ ಕೇಂದ್ರಕ್ಕೆ ಹಾಕಿ ತರಬೇತುದಾರರನ್ನು ಮಾಸಿಕ ಗೌರವಧನ ಆಧಾರದ ಮೇಲೆ ನೇಮಿಸಿಕೊಳ್ಳಲು ಉದ್ದೇಶಿಸಲಾಗಿದ್ದು, ಅರ್ಹರಿಂದ ಅರ್ಜಿ ಆಹ್ವಾನಿಸಲಾಗಿದೆ.

ಕೇಂದ್ರ ಸರ್ಕಾರದ ಖೇಲೋ ಇಂಡಿಯಾ ಯೋಜನೆಯಡಿ ರಾಜ್ಯದಲ್ಲಿ 31 ಜಿಲ್ಲೆಗಳಲ್ಲಿ ಸಣ್ಣ ಖೇಲೋ ಇಂಡಿಯಾ ಕೇಂದ್ರಗಳನ್ನು ಪ್ರಾರಂಭಿಸಲಾಗಿದೆ. ಹಾಕಿ ಕ್ರೀಡಾಪಟುಗಳು ಎನ್.ಐ.ಎಸ್. ಡಿಪ್ಲೊಮಾ ಇನ್ ಹಾಕಿ ಅಥವಾ ಎಂಪಿಇಡಿ ಹಾಕಿ ಅಥವಾ ಹಾಕಿ ಕ್ರೀಡೆಯಲ್ಲಿ ಮತ್ತು ರಾಜ್ಯ/ರಾಷ್ಟ್ರ ಮಟ್ಟದ ಪದಕ ವಿಜೇತ, ರಾಷ್ಟ್ರೀಯ ಮಟ್ಟದಲ್ಲಿ ಪ್ರತಿನಿಧಿಸಿದ ಆಟಗಾರರು ಅರ್ಜಿ ಸಲ್ಲಿಸಬಹುದು.

ಆಸಕ್ತ ಹಾಕಿ ತರಬೇತುದಾರರು ಅರ್ಜಿಗಳನ್ನು ಅಕ್ಟೋಬರ್ 15 ರೊಳಗಾಗಿ ಜಿಲ್ಲಾ ಯುವಸಬಲೀಕರಣ ಮತ್ತು ಕ್ರೀಡಾ ಇಲಾಖೆ ಕಚೇರಿಗೆ ಸಲ್ಲಿಸಬೇಕು.

ಹೆಚ್ಚಿನ ಮಾಹಿತಿಗಾಗಿ ನಗರದ ಸಲ್ಲಭೆಯ ಪ್ರದೇಶದ ಜಿಲ್ಲಾ ಕ್ರೀಡಾಂಗಣದ ಯುವ ಸಬಲೀಕರಣ ಮತ್ತು ಕ್ರೀಡಾ ಇಲಾಖೆಯ ಸಹಾಯಕ ನಿರ್ದೇಶಕರ ಕಚೇರಿಗೆ ಸಂಪರ್ಕಿಸಬಹುದು ಎಂದು ಯುವ ಸಬಲೀಕರಣ ಮತ್ತು ಕ್ರೀಡಾ ಇಲಾಖೆಯ ಸಹಾಯಕ ನಿರ್ದೇಶಕರು ತಿಳಿಸಿದ್ದಾರೆ.

ಅ 7 ರಂದು ಶ್ರೀಮಹರ್ಷಿ ವಾಲ್ಮೀಕಿ ಜಯಂತ್ಯೋತ್ಸವ ಕಾರ್ಯಕ್ರಮ.
ಹೊಸಪೇಟೆ ಟೈಮ್ಸ್ ನ್ಯೂಸ್

ವಿಜಯನಗರ(ಹೊಸಪೇಟೆ): ಜಿಲ್ಲಾಡಳಿತ, ಜಿಲ್ಲಾ ಪಂಚಾಯತ್ ಹಾಗೂ ಪರಿಶಿಷ್ಟ ವರ್ಗಗಳ ಕಲ್ಯಾಣ ಇಲಾಖೆ ಸಹಯೋಗದಲ್ಲಿ ಅಕ್ಟೋಬರ್.07 ರಂದು ಬೆ.10 ಕ್ಕೆ ಶ್ರೀಪುನೀತ್ ರಾಜಕುಮಾರ್ ಕಲ್ಯಾಣ ಮಂಟಪದಲ್ಲಿ ಶ್ರೀಮಹರ್ಷಿ ವಾಲ್ಮೀಕಿ ಜಯಂತ್ಯೋತ್ಸವ ಕಾರ್ಯಕ್ರಮ ಹಮ್ಮಿಕೊಳ್ಳಲಾಗಿದೆ.

ವಸತಿ, ವಕ್ಫ್ ಮತ್ತು ಅಲ್ಪಸಂಖ್ಯಾತರ ಕಲ್ಯಾಣ ಇಲಾಖೆ ಸಚಿವರು ಹಾಗೂ ಜಿಲ್ಲಾ ಉಸ್ತುವಾರಿ ಸಚಿವರಾದ ಬಿ.ಜೆಡ್.ಜಮೀರ್ ಅಹ್ಮದ್ ಖಾನ್ ಅವರು ವೇದಿಕೆ ಕಾರ್ಯಕ್ರಮ ಉದ್ಘಾಟಿಸಲಿದ್ದಾರೆ. ಹೊಸಪೇಟೆ ಶಾಸಕ ಹೆಚ್.ಆರ್.ಗವಿಯಪ್ಪ ಅಧ್ಯಕ್ಷತೆ ವಹಿಸಲಿದ್ದಾರೆ.

ಮುಖ್ಯ ಅತಿಥಿಗಳಾಗಿ ಬಳ್ಳಾರಿ ಸಂಸದ ಈ.ತುಕಾರಾಮ್, ದಾವಣಗೆರೆ ಸಂಸದೆ ಡಾ.ಪ್ರಭಾ ಮಲ್ಲಿಕಾರ್ಜುನ, ಹರಪನಹಳ್ಳಿ ಶಾಸಕಿ ಎಂ.ಪಿ.ಲತಾ ಮಲ್ಲಿಕಾರ್ಜುನ, ಹಗರಿಬೊಮ್ಮನಹಳ್ಳಿ ಶಾಸಕ ನೇಮರಾಜ ನಾಯ್ಕ, ಕೂಡ್ಲಿಗಿ ಶಾಸಕ ಡಾ.ಎನ್.ಟಿ.ಶ್ರೀನಿವಾಸ್, ಹೂವಿನಹಡಗಲಿ ಶಾಸಕ ಕೃಷ್ಣನಾಯಕ, ಜಗಳೂರು ಶಾಸಕ ಬಿ.ದೇವೇಂದ್ರಪ್ಪ, ವಿಧಾನ ಪರಿಷತ್ ಸದಸ್ಯರು ಪಾಲ್ಗೊಳ್ಳಲಿದ್ದಾರೆ.

ಜಿಲ್ಲಾಧಿಕಾರಿ ಕವಿತಾ ಎಸ್.ಮನ್ನಿಕೇರಿ, ಜಿಲ್ಲಾ ಪಂಚಾಯತ್ ಮುಖ್ಯ ಕಾರ್ಯನಿರ್ವಾಹಕ ಅಧಿಕಾರಿ ನೋಂಗ್ಜಾಯ್ ಮೊಹಮ್ಮದ್ ಅಲಿ ಅಕ್ರಮ್ ಶಾ, ಜಿಲ್ಲಾ ಪೊಲೀಸ್ ವರಿಷ್ಠಾಧಿಕಾರಿ ಎಸ್.ಜಾಹ್ನವಿ, ಪರಿಶಿಷ್ಟ ವರ್ಗಗಳ ಕಲ್ಯಾಣಾಧಿಕಾರಿ ರಮೇಶ್ ಕಾರ್ಯಕ್ರಮದಲ್ಲಿ ಉಪಸ್ಥಿತರಿರುವರು ಎಂದು ಪ್ರಕಟಣೆಯಲ್ಲಿ ತಿಳಿಸಿದ್ದಾರೆ.

OWNER , PUBLISHER & PRINTER K. M. REKHA PUBLISHED AT HOSPET TIMES, APOORVA OFFSET PRINTERS , SACHIDANAND LANE , MAIN BAZAR , HOSAPETE , BALLARI & PRINTED AT APOORVA OFFSET PRINTERS ,
SACHIDANAND LANE , MAIN BAZAR , HOSAPETE , BALLARI , EDITOR K. M. REKHA . EMAIL : hospettimes@gmail.com, Mob No 94484 41484.
